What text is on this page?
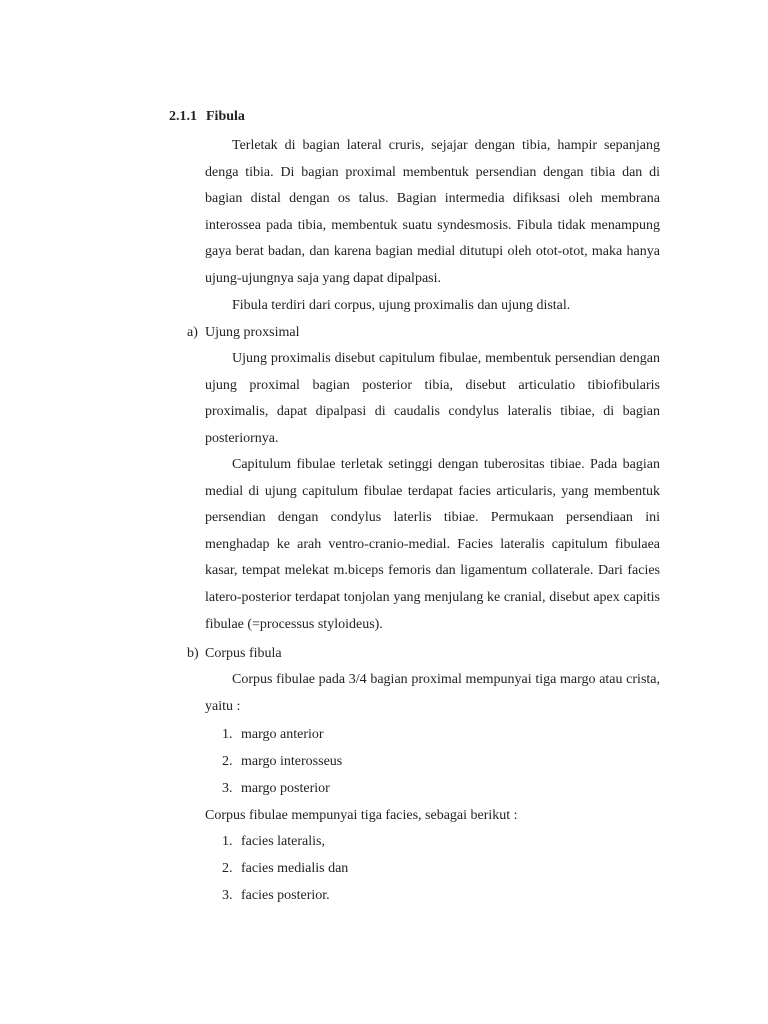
2.1.1 Fibula

Terletak di bagian lateral cruris, sejajar dengan tibia, hampir sepanjang denga tibia. Di bagian proximal membentuk persendian dengan tibia dan di bagian distal dengan os talus. Bagian intermedia difiksasi oleh membrana interossea pada tibia, membentuk suatu syndesmosis. Fibula tidak menampung gaya berat badan, dan karena bagian medial ditutupi oleh otot-otot, maka hanya ujung-ujungnya saja yang dapat dipalpasi.

Fibula terdiri dari corpus, ujung proximalis dan ujung distal.

a) Ujung proxsimal

Ujung proximalis disebut capitulum fibulae, membentuk persendian dengan ujung proximal bagian posterior tibia, disebut articulatio tibiofibularis proximalis, dapat dipalpasi di caudalis condylus lateralis tibiae, di bagian posteriornya.

Capitulum fibulae terletak setinggi dengan tuberositas tibiae. Pada bagian medial di ujung capitulum fibulae terdapat facies articularis, yang membentuk persendian dengan condylus laterlis tibiae. Permukaan persendiaan ini menghadap ke arah ventro-cranio-medial. Facies lateralis capitulum fibulaea kasar, tempat melekat m.biceps femoris dan ligamentum collaterale. Dari facies latero-posterior terdapat tonjolan yang menjulang ke cranial, disebut apex capitis fibulae (=processus styloideus).

b) Corpus fibula

Corpus fibulae pada 3/4 bagian proximal mempunyai tiga margo atau crista, yaitu :

1. margo anterior
2. margo interosseus
3. margo posterior
Corpus fibulae mempunyai tiga facies, sebagai berikut :
1. facies lateralis,
2. facies medialis dan
3. facies posterior.
